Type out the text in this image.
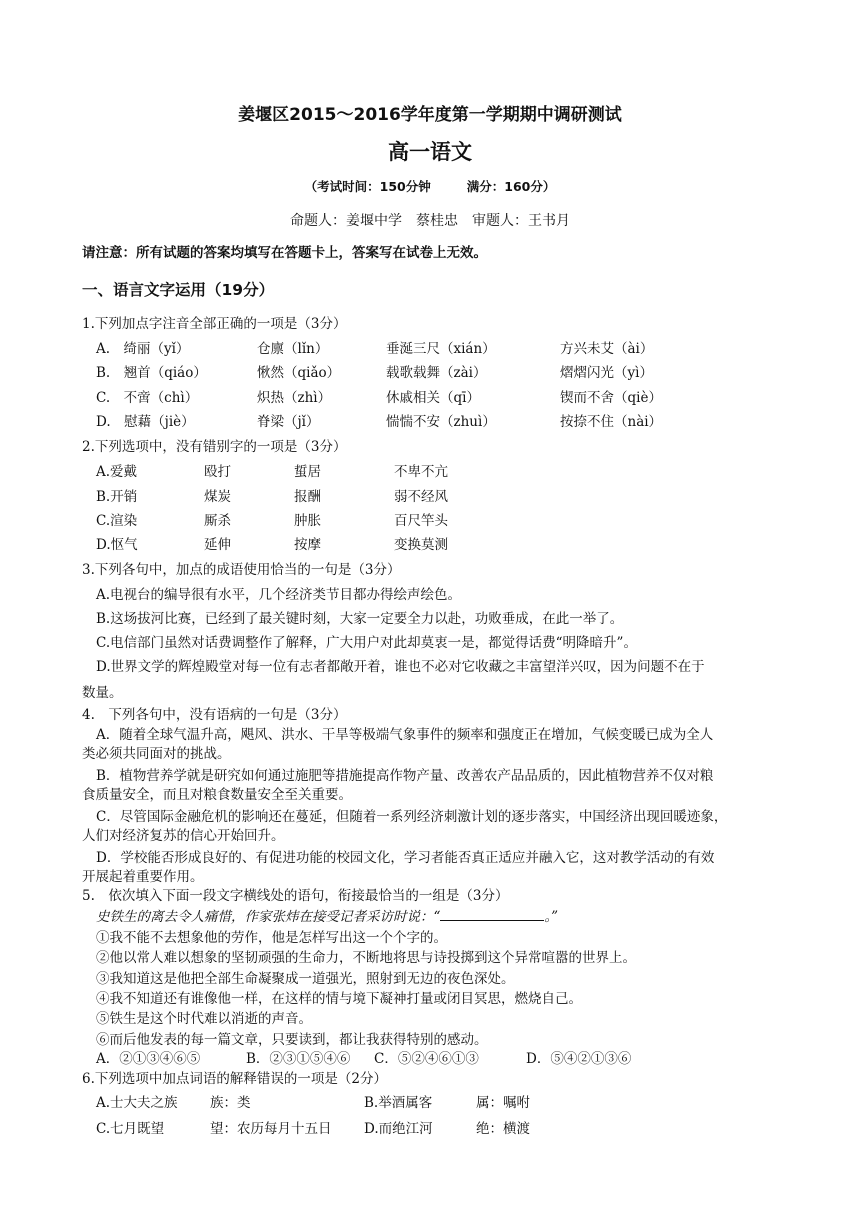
姜堰区2015～2016学年度第一学期期中调研测试
高一语文
（考试时间：150分钟	满分：160分）
命题人：姜堰中学　蔡桂忠　审题人：王书月
请注意：所有试题的答案均填写在答题卡上，答案写在试卷上无效。
一、语言文字运用（19分）
1.下列加点字注音全部正确的一项是（3分）
A.　绮丽（yǐ）	仓廪（lǐn）	垂涎三尺（xián）	方兴未艾（ài）
B.　翘首（qiáo）	愀然（qiǎo）	载歌载舞（zài）	熠熠闪光（yì）
C.　不啻（chì）	炽热（zhì）	休戚相关（qī）	锲而不舍（qiè）
D.　慰藉（jiè）	脊梁（jǐ）	惴惴不安（zhuì）	按捺不住（nài）
2.下列选项中，没有错别字的一项是（3分）
A.爱戴	殴打	蜇居	不卑不亢
B.开销	煤炭	报酬	弱不经风
C.渲染	厮杀	肿胀	百尺竿头
D.怄气	延伸	按摩	变换莫测
3.下列各句中，加点的成语使用恰当的一句是（3分）
A.电视台的编导很有水平，几个经济类节目都办得绘声绘色。
B.这场拔河比赛，已经到了最关键时刻，大家一定要全力以赴，功败垂成，在此一举了。
C.电信部门虽然对话费调整作了解释，广大用户对此却莫衷一是，都觉得话费“明降暗升”。
D.世界文学的辉煌殿堂对每一位有志者都敞开着，谁也不必对它收藏之丰富望洋兴叹，因为问题不在于
数量。
4.　下列各句中，没有语病的一句是（3分）
A．随着全球气温升高，飓风、洪水、干旱等极端气象事件的频率和强度正在增加，气候变暖已成为全人
类必须共同面对的挑战。
B．植物营养学就是研究如何通过施肥等措施提高作物产量、改善农产品品质的，因此植物营养不仅对粮
食质量安全，而且对粮食数量安全至关重要。
C．尽管国际金融危机的影响还在蔓延，但随着一系列经济刺激计划的逐步落实，中国经济出现回暖迹象，
人们对经济复苏的信心开始回升。
D．学校能否形成良好的、有促进功能的校园文化，学习者能否真正适应并融入它，这对教学活动的有效
开展起着重要作用。
5.　依次填入下面一段文字横线处的语句，衔接最恰当的一组是（3分）
史铁生的离去令人痛惜，作家张炜在接受记者采访时说：“	。”
①我不能不去想象他的劳作，他是怎样写出这一个个字的。
②他以常人难以想象的坚韧顽强的生命力，不断地将思与诗投掷到这个异常喧嚣的世界上。
③我知道这是他把全部生命凝聚成一道强光，照射到无边的夜色深处。
④我不知道还有谁像他一样，在这样的情与境下凝神打量或闭目冥思，燃烧自己。
⑤铁生是这个时代难以消逝的声音。
⑥而后他发表的每一篇文章，只要读到，都让我获得特别的感动。
A．②①③④⑥⑤	B．②③①⑤④⑥ C．⑤②④⑥①③	D．⑤④②①③⑥
6.下列选项中加点词语的解释错误的一项是（2分）
A.士大夫之族 族：类	B.举酒属客	属：嘱咐
C.七月既望	望：农历每月十五日 D.而绝江河	绝：横渡
